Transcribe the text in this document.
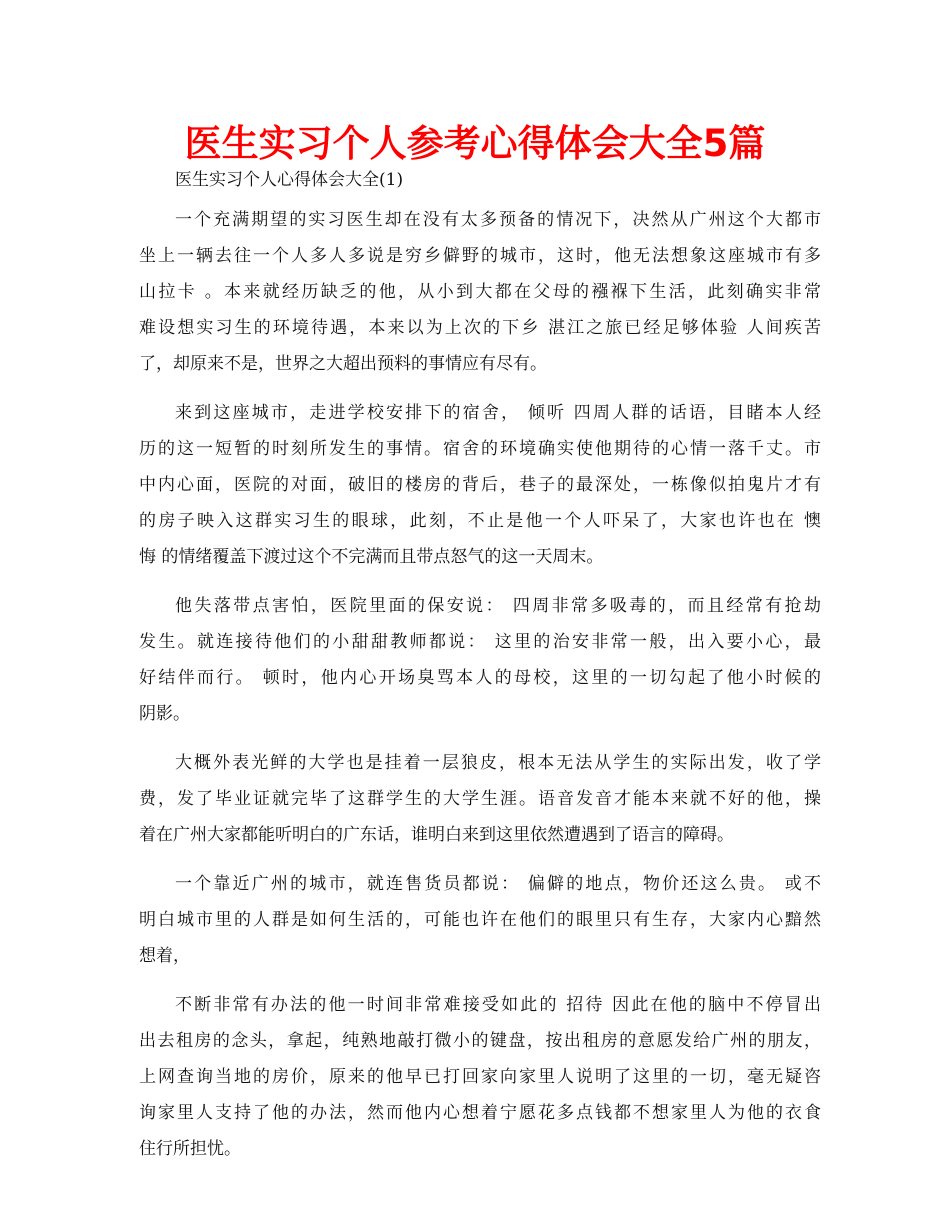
医生实习个人参考心得体会大全5篇

医生实习个人心得体会大全(1)

一个充满期望的实习医生却在没有太多预备的情况下，决然从广州这个大都市
坐上一辆去往一个人多人多说是穷乡僻野的城市，这时，他无法想象这座城市有多
山拉卡 。本来就经历缺乏的他，从小到大都在父母的襁褓下生活，此刻确实非常
难设想实习生的环境待遇，本来以为上次的下乡 湛江之旅已经足够体验 人间疾苦
了，却原来不是，世界之大超出预料的事情应有尽有。

来到这座城市，走进学校安排下的宿舍， 倾听 四周人群的话语，目睹本人经
历的这一短暂的时刻所发生的事情。宿舍的环境确实使他期待的心情一落千丈。市
中内心面，医院的对面，破旧的楼房的背后，巷子的最深处，一栋像似拍鬼片才有
的房子映入这群实习生的眼球，此刻，不止是他一个人吓呆了，大家也许也在 懊
悔 的情绪覆盖下渡过这个不完满而且带点怒气的这一天周末。

他失落带点害怕，医院里面的保安说： 四周非常多吸毒的，而且经常有抢劫
发生。就连接待他们的小甜甜教师都说： 这里的治安非常一般，出入要小心，最
好结伴而行。 顿时，他内心开场臭骂本人的母校，这里的一切勾起了他小时候的
阴影。

大概外表光鲜的大学也是挂着一层狼皮，根本无法从学生的实际出发，收了学
费，发了毕业证就完毕了这群学生的大学生涯。语音发音才能本来就不好的他，操
着在广州大家都能听明白的广东话，谁明白来到这里依然遭遇到了语言的障碍。

一个靠近广州的城市，就连售货员都说： 偏僻的地点，物价还这么贵。 或不
明白城市里的人群是如何生活的，可能也许在他们的眼里只有生存，大家内心黯然
想着，

不断非常有办法的他一时间非常难接受如此的 招待 因此在他的脑中不停冒出
出去租房的念头，拿起，纯熟地敲打微小的键盘，按出租房的意愿发给广州的朋友，
上网查询当地的房价，原来的他早已打回家向家里人说明了这里的一切，毫无疑咨
询家里人支持了他的办法，然而他内心想着宁愿花多点钱都不想家里人为他的衣食
住行所担忧。
